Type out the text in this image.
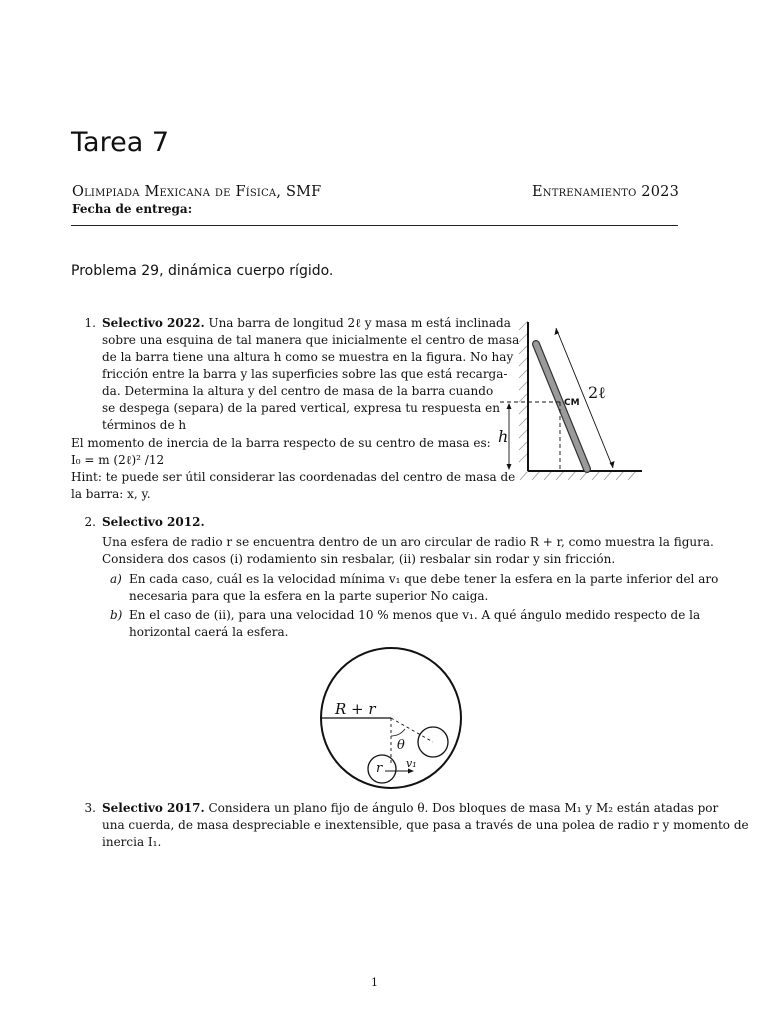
Tarea 7
Olimpiada Mexicana de Física, SMF	Entrenamiento 2023
Fecha de entrega:
Problema 29, dinámica cuerpo rígido.
1. Selectivo 2022. Una barra de longitud 2ℓ y masa m está inclinada
sobre una esquina de tal manera que inicialmente el centro de masa
de la barra tiene una altura h como se muestra en la figura. No hay
fricción entre la barra y las superficies sobre las que está recarga-
da. Determina la altura y del centro de masa de la barra cuando
se despega (separa) de la pared vertical, expresa tu respuesta en
términos de h
El momento de inercia de la barra respecto de su centro de masa es:
I₀ = m (2ℓ)² /12
Hint: te puede ser útil considerar las coordenadas del centro de masa de
la barra: x, y.
CM
2ℓ
h
2. Selectivo 2012.
Una esfera de radio r se encuentra dentro de un aro circular de radio R + r, como muestra la figura.
Considera dos casos (i) rodamiento sin resbalar, (ii) resbalar sin rodar y sin fricción.
a) En cada caso, cuál es la velocidad mínima v₁ que debe tener la esfera en la parte inferior del aro
necesaria para que la esfera en la parte superior No caiga.
b) En el caso de (ii), para una velocidad 10 % menos que v₁. A qué ángulo medido respecto de la
horizontal caerá la esfera.
R + r
θ
r v₁
3. Selectivo 2017. Considera un plano fijo de ángulo θ. Dos bloques de masa M₁ y M₂ están atadas por
una cuerda, de masa despreciable e inextensible, que pasa a través de una polea de radio r y momento de
inercia I₁.
1
